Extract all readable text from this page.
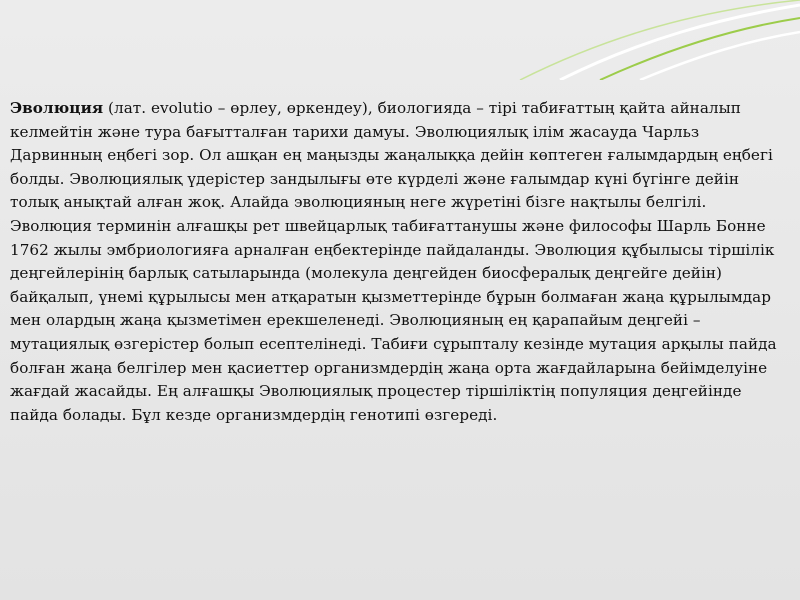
Эволюция (лат. evolutio – өрлеу, өркендеу), биологияда – тірі табиғаттың қайта айналып келмейтін және тура бағытталған тарихи дамуы. Эволюциялық ілім жасауда Чарльз Дарвинның еңбегі зор. Ол ашқан ең маңызды жаңалыққа дейін көптеген ғалымдардың еңбегі болды. Эволюциялық үдерістер зандылығы өте күрделі және ғалымдар күні бүгінге дейін толық анықтай алған жоқ. Алайда эволюцияның негe жүретіні бізге нақтылы белгілі.

Эволюция терминін алғашқы рет швейцарлық табиғаттанушы және философы Шарль Бонне 1762 жылы эмбриологияға арналған еңбектерінде пайдаланды. Эволюция құбылысы тіршілік деңгейлерінің барлық сатыларында (молекула деңгейден биосфералық деңгейге дейін) байқалып, үнемі құрылысы мен атқаратын қызметтерінде бұрын болмаған жаңа құрылымдар мен олардың жаңа қызметімен ерекшеленеді. Эволюцияның ең қарапайым деңгейі – мутациялық өзгерістер болып есептелінеді. Табиғи сұрыпталу кезінде мутация арқылы пайда болған жаңа белгілер мен қасиеттер организмдердің жаңа орта жағдайларына бейімделуіне жағдай жасайды. Ең алғашқы Эволюциялық процестер тіршіліктің популяция деңгейінде пайда болады. Бұл кезде организмдердің генотипі өзгереді.
